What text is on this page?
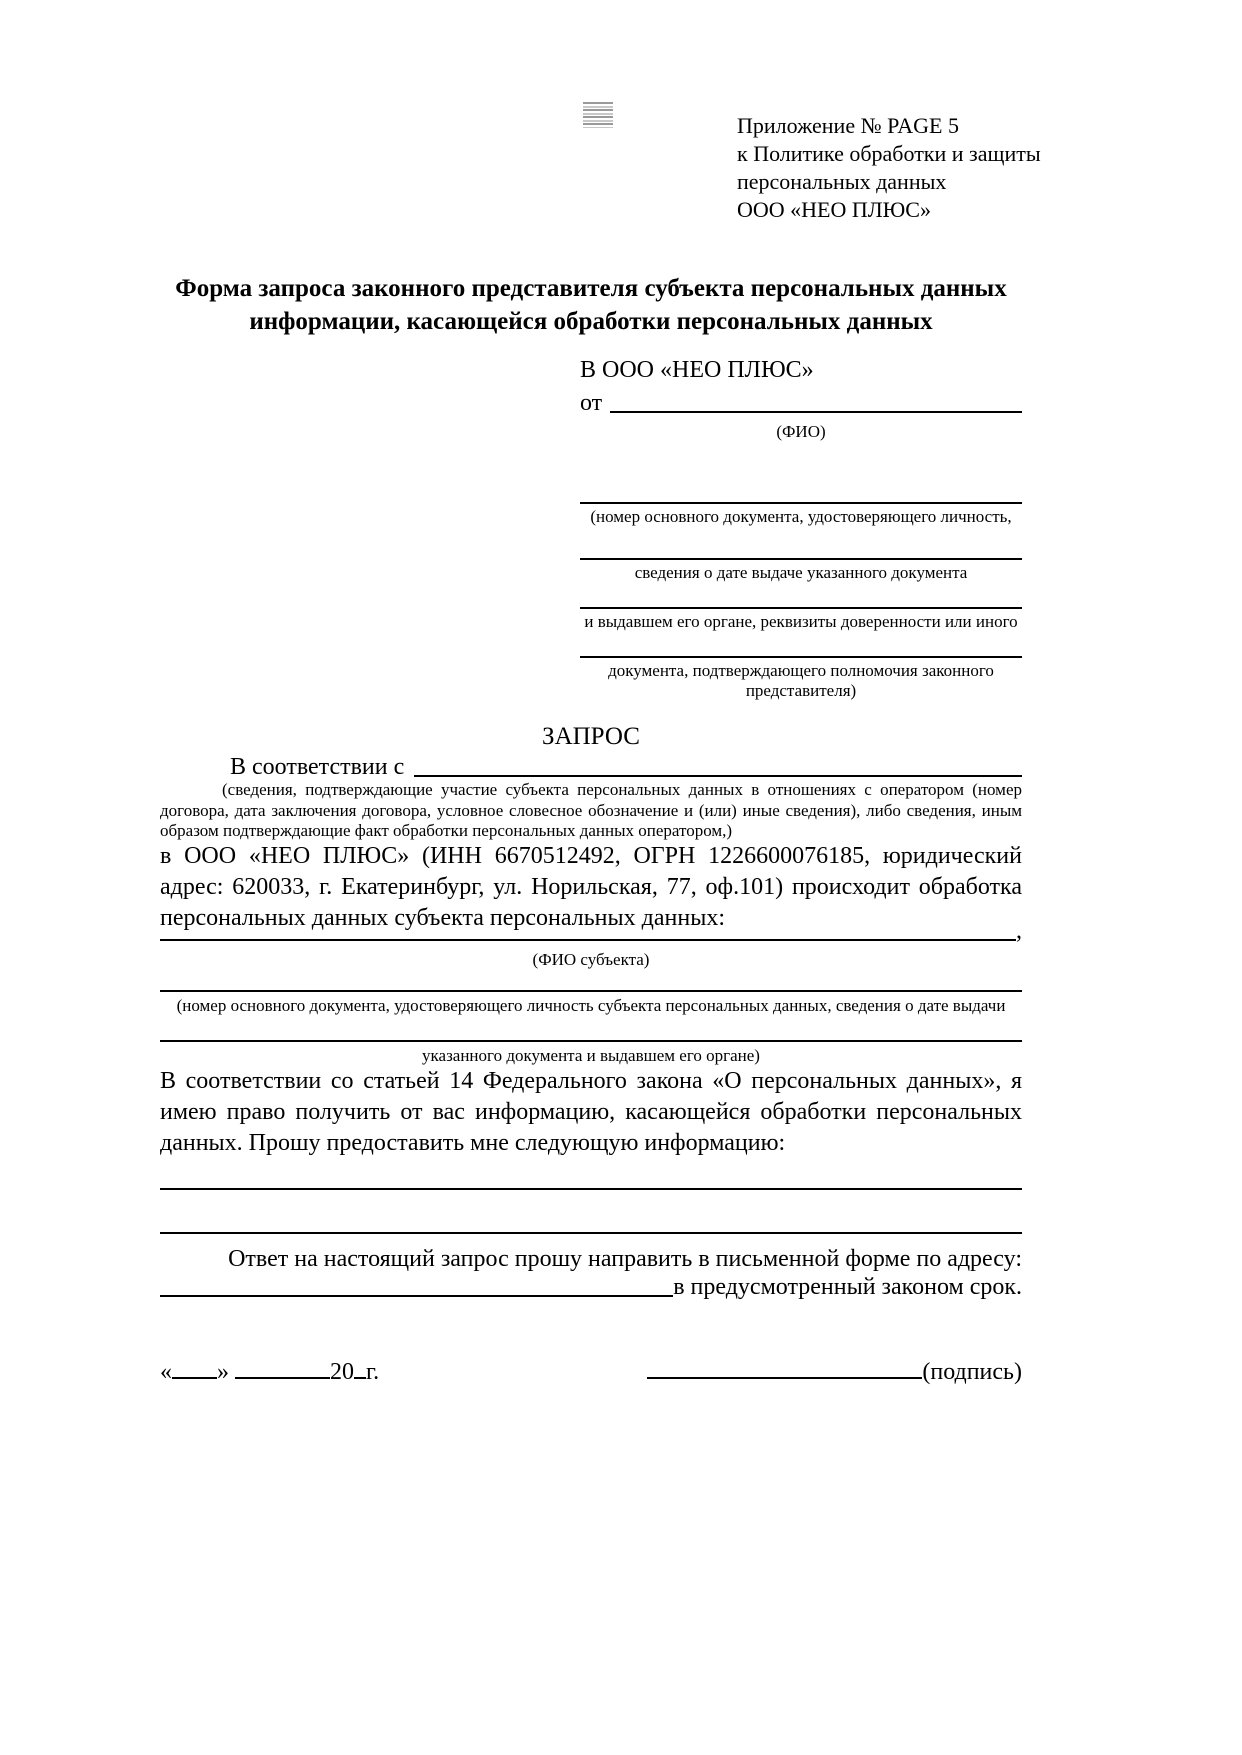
Приложение № PAGE 5
к Политике обработки и защиты
персональных данных
ООО «НЕО ПЛЮС»
Форма запроса законного представителя субъекта персональных данных
информации, касающейся обработки персональных данных
В ООО «НЕО ПЛЮС»
от
(ФИО)
(номер основного документа, удостоверяющего личность,
сведения о дате выдаче указанного документа
и выдавшем его органе, реквизиты доверенности или иного
документа, подтверждающего полномочия законного представителя)
ЗАПРОС
В соответствии с
(сведения, подтверждающие участие субъекта персональных данных в отношениях с оператором (номер договора, дата заключения договора, условное словесное обозначение и (или) иные сведения), либо сведения, иным образом подтверждающие факт обработки персональных данных оператором,)
в ООО «НЕО ПЛЮС» (ИНН 6670512492, ОГРН 1226600076185, юридический адрес: 620033, г. Екатеринбург, ул. Норильская, 77, оф.101) происходит обработка персональных данных субъекта персональных данных:	,
(ФИО субъекта)
(номер основного документа, удостоверяющего личность субъекта персональных данных, сведения о дате выдачи
указанного документа и выдавшем его органе)
В соответствии со статьей 14 Федерального закона «О персональных данных», я имею право получить от вас информацию, касающейся обработки персональных данных. Прошу предоставить мне следующую информацию:
Ответ на настоящий запрос прошу направить в письменной форме по адресу:
в предусмотренный законом срок.
« »	20 г.	(подпись)
